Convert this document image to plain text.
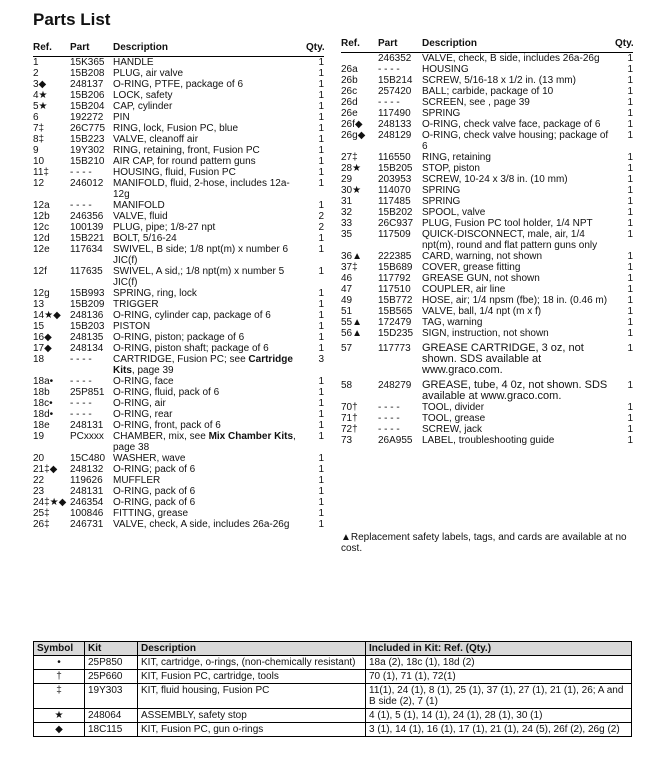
Parts List
Ref.	Part	Description	Qty.
1	15K365	HANDLE	1
2	15B208	PLUG, air valve	1
3◆	248137	O-RING, PTFE, package of 6	1
4★	15B206	LOCK, safety	1
5★	15B204	CAP, cylinder	1
6	192272	PIN	1
7‡	26C775	RING, lock, Fusion PC, blue	1
8‡	15B223	VALVE, cleanoff air	1
9	19Y302	RING, retaining, front, Fusion PC	1
10	15B210	AIR CAP, for round pattern guns	1
11‡	- - - -	HOUSING, fluid, Fusion PC	1
12	246012	MANIFOLD, fluid, 2-hose, includes 12a-12g	1
12a	- - - -	MANIFOLD	1
12b	246356	VALVE, fluid	2
12c	100139	PLUG, pipe; 1/8-27 npt	2
12d	15B221	BOLT, 5/16-24	1
12e	117634	SWIVEL, B side; 1/8 npt(m) x number 6 JIC(f)	1
12f	117635	SWIVEL, A sid,; 1/8 npt(m) x number 5 JIC(f)	1
12g	15B993	SPRING, ring, lock	1
13	15B209	TRIGGER	1
14★◆	248136	O-RING, cylinder cap, package of 6	1
15	15B203	PISTON	1
16◆	248135	O-RING, piston; package of 6	1
17◆	248134	O-RING, piston shaft; package of 6	1
18	- - - -	CARTRIDGE, Fusion PC; see Cartridge Kits, page 39	3
18a•	- - - -	O-RING, face	1
18b	25P851	O-RING, fluid, pack of 6	1
18c•	- - - -	O-RING, air	1
18d•	- - - -	O-RING, rear	1
18e	248131	O-RING, front, pack of 6	1
19	PCxxxx	CHAMBER, mix, see Mix Chamber Kits, page 38	1
20	15C480	WASHER, wave	1
21‡◆	248132	O-RING; pack of 6	1
22	119626	MUFFLER	1
23	248131	O-RING, pack of 6	1
24‡★◆	246354	O-RING, pack of 6	1
25‡	100846	FITTING, grease	1
26‡	246731	VALVE, check, A side, includes 26a-26g	1
Ref.	Part	Description	Qty.
	246352	VALVE, check, B side, includes 26a-26g	1
26a	- - - -	HOUSING	1
26b	15B214	SCREW, 5/16-18 x 1/2 in. (13 mm)	1
26c	257420	BALL; carbide, package of 10	1
26d	- - - -	SCREEN, see , page 39	1
26e	117490	SPRING	1
26f◆	248133	O-RING, check valve face, package of 6	1
26g◆	248129	O-RING, check valve housing; package of 6	1
27‡	116550	RING, retaining	1
28★	15B205	STOP, piston	1
29	203953	SCREW, 10-24 x 3/8 in. (10 mm)	1
30★	114070	SPRING	1
31	117485	SPRING	1
32	15B202	SPOOL, valve	1
33	26C937	PLUG, Fusion PC tool holder, 1/4 NPT	1
35	117509	QUICK-DISCONNECT, male, air, 1/4 npt(m), round and flat pattern guns only	1
36▲	222385	CARD, warning, not shown	1
37‡	15B689	COVER, grease fitting	1
46	117792	GREASE GUN, not shown	1
47	117510	COUPLER, air line	1
49	15B772	HOSE, air; 1/4 npsm (fbe); 18 in. (0.46 m)	1
51	15B565	VALVE, ball, 1/4 npt (m x f)	1
55▲	172479	TAG, warning	1
56▲	15D235	SIGN, instruction, not shown	1
57	117773	GREASE CARTRIDGE, 3 oz, not shown. SDS available at www.graco.com.	1
58	248279	GREASE, tube, 4 0z, not shown. SDS available at www.graco.com.	1
70†	- - - -	TOOL, divider	1
71†	- - - -	TOOL, grease	1
72†	- - - -	SCREW, jack	1
73	26A955	LABEL, troubleshooting guide	1
▲Replacement safety labels, tags, and cards are available at no cost.
Symbol	Kit	Description	Included in Kit: Ref. (Qty.)
•	25P850	KIT, cartridge, o-rings, (non-chemically resistant)	18a (2), 18c (1), 18d (2)
†	25P660	KIT, Fusion PC, cartridge, tools	70 (1), 71 (1), 72(1)
‡	19Y303	KIT, fluid housing, Fusion PC	11(1), 24 (1), 8 (1), 25 (1), 37 (1), 27 (1), 21 (1), 26; A and B side (2), 7 (1)
★	248064	ASSEMBLY, safety stop	4 (1), 5 (1), 14 (1), 24 (1), 28 (1), 30 (1)
◆	18C115	KIT, Fusion PC, gun o-rings	3 (1), 14 (1), 16 (1), 17 (1), 21 (1), 24 (5), 26f (2), 26g (2)
